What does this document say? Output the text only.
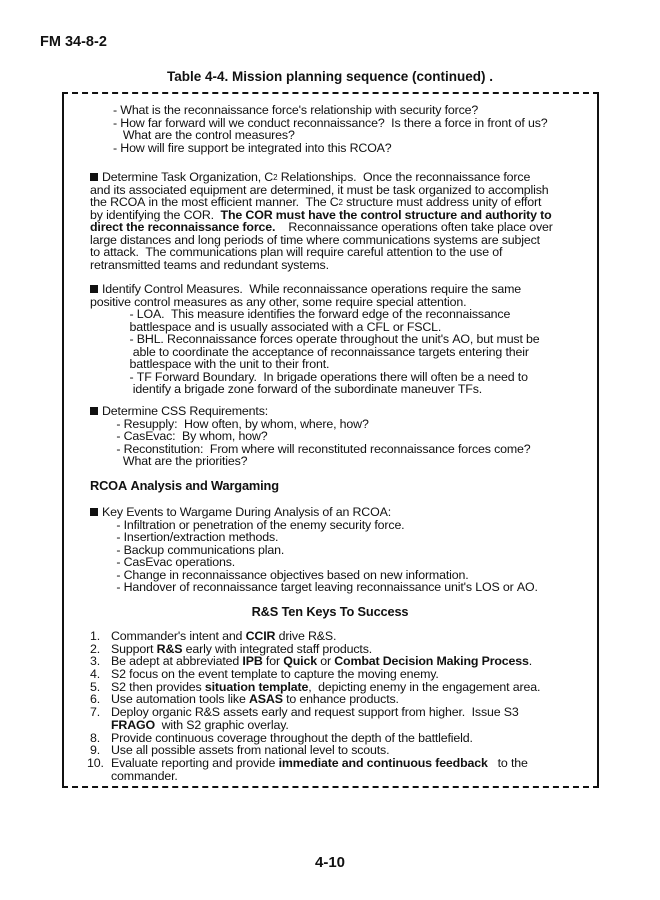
FM 34-8-2
Table 4-4. Mission planning sequence (continued) .
- What is the reconnaissance force's relationship with security force?
- How far forward will we conduct reconnaissance?  Is there a force in front of us?
What are the control measures?
- How will fire support be integrated into this RCOA?
Determine Task Organization, $C^2$ Relationships.  Once the reconnaissance force
and its associated equipment are determined, it must be task organized to accomplish
the RCOA in the most efficient manner.  The $C^2$ structure must address unity of effort
by identifying the COR.  The COR must have the control structure and authority to
direct the reconnaissance force.    Reconnaissance operations often take place over
large distances and long periods of time where communications systems are subject
to attack.  The communications plan will require careful attention to the use of
retransmitted teams and redundant systems.
Identify Control Measures.  While reconnaissance operations require the same
positive control measures as any other, some require special attention.
- LOA.  This measure identifies the forward edge of the reconnaissance
battlespace and is usually associated with a CFL or FSCL.
- BHL. Reconnaissance forces operate throughout the unit's AO, but must be
able to coordinate the acceptance of reconnaissance targets entering their
battlespace with the unit to their front.
- TF Forward Boundary.  In brigade operations there will often be a need to
identify a brigade zone forward of the subordinate maneuver TFs.
Determine CSS Requirements:
- Resupply:  How often, by whom, where, how?
- CasEvac:  By whom, how?
- Reconstitution:  From where will reconstituted reconnaissance forces come?
What are the priorities?
RCOA Analysis and Wargaming
Key Events to Wargame During Analysis of an RCOA:
- Infiltration or penetration of the enemy security force.
- Insertion/extraction methods.
- Backup communications plan.
- CasEvac operations.
- Change in reconnaissance objectives based on new information.
- Handover of reconnaissance target leaving reconnaissance unit's LOS or AO.
R&S Ten Keys To Success
1. Commander's intent and CCIR drive R&S.
2. Support R&S early with integrated staff products.
3. Be adept at abbreviated IPB for Quick or Combat Decision Making Process.
4. S2 focus on the event template to capture the moving enemy.
5. S2 then provides situation template,  depicting enemy in the engagement area.
6. Use automation tools like ASAS to enhance products.
7. Deploy organic R&S assets early and request support from higher.  Issue S3
FRAGO  with S2 graphic overlay.
8. Provide continuous coverage throughout the depth of the battlefield.
9. Use all possible assets from national level to scouts.
10. Evaluate reporting and provide immediate and continuous feedback   to the
commander.
4-10
